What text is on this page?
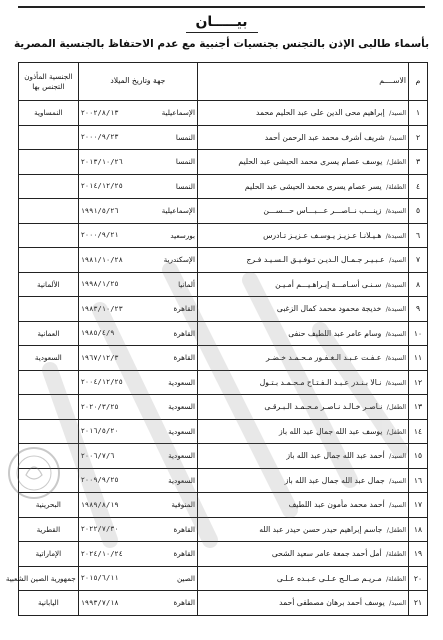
بيـــــان
بأسماء طالبى الإذن بالتجنس بجنسيات أجنبية مع عدم الاحتفاظ بالجنسية المصرية
م	الاســــم	جهة وتاريخ الميلاد		الجنسية المأذون التجنس بها
١	السيد/ إبراهيم محى الدين على عبد الحليم محمد	الإسماعيلية	٢٠٠٢/٨/١٣	النمساوية
٢	السيد/ شريف أشرف محمد عبد الرحمن أحمد	النمسا	٢٠٠٠/٩/٢٣	
٣	الطفل/ يوسف عصام يسرى محمد الحيشى عبد الحليم	النمسا	٢٠١٣/١٠/٢٦	
٤	الطفلة/ يسر عصام يسرى محمد الحيشى عبد الحليم	النمسا	٢٠١٤/١٢/٢٥	
٥	السيدة/ زينـــب نــاصـــر عـــبـــاس حـــســـن	الإسماعيلية	١٩٩١/٥/٢٦	
٦	السيدة/ هـيـلانـا عـزيـز يـوسـف عـزيـز تـادرس	بورسعيد	٢٠٠٠/٩/٢١	
٧	السيد/ عـبـيـر جـمـال الـديـن تـوفـيـق الـسـيـد فـرج	الإسكندرية	١٩٨١/١٠/٢٨	
٨	السيدة/ سـنـى أسـامـــة إبـراهـيـــم أمـيـن	ألمانيا	١٩٩٨/١/٢٥	الألمانية
٩	السيدة/ خديجة محمود محمد كمال الزغبى	القاهرة	١٩٨٣/١٠/٢٣	
١٠	السيدة/ وسام عامر عبد اللطيف حنفى	القاهرة	١٩٨٥/٤/٩	العمانية
١١	السيدة/ عـفـت عـبـد الـغـفـور مـحـمـد خـضـر	القاهرة	١٩٦٧/١٢/٣	السعودية
١٢	السيدة/ نـالا بـنـدر عـبـد الـفـتـاح مـحـمـد بـتـول	السعودية	٢٠٠٤/١٢/٢٥	
١٣	الطفل/ نـاصـر خـالـد نـاصـر مـحـمـد الـبـرقـى	السعودية	٢٠٢٠/٣/٢٥	
١٤	الطفل/ يوسف عبد الله جمال عبد الله باز	السعودية	٢٠١٦/٥/٢٠	
١٥	السيد/ أحمد عبد الله جمال عبد الله باز	السعودية	٢٠٠٦/٧/٦	
١٦	السيد/ جمال عبد الله جمال عبد الله باز	السعودية	٢٠٠٩/٩/٢٥	
١٧	السيد/ أحمد محمد مأمون عبد اللطيف	المنوفية	١٩٨٩/٨/١٩	البحرينية
١٨	الطفل/ جاسم إبراهيم حيدر حسن حيدر عبد الله	القاهرة	٢٠٢٢/٧/٣٠	القطرية
١٩	الطفلة/ أمل أحمد جمعة عامر سعيد الشحى	القاهرة	٢٠٢٤/١٠/٢٤	الإماراتية
٢٠	الطفلة/ مـريـم صـالـح عـلـى عـبـده عـلـى	الصين	٢٠١٥/٦/١١	جمهورية الصين الشعبية
٢١	السيد/ يوسف أحمد برهان مصطفى أحمد	القاهرة	١٩٩٣/٧/١٨	اليابانية
